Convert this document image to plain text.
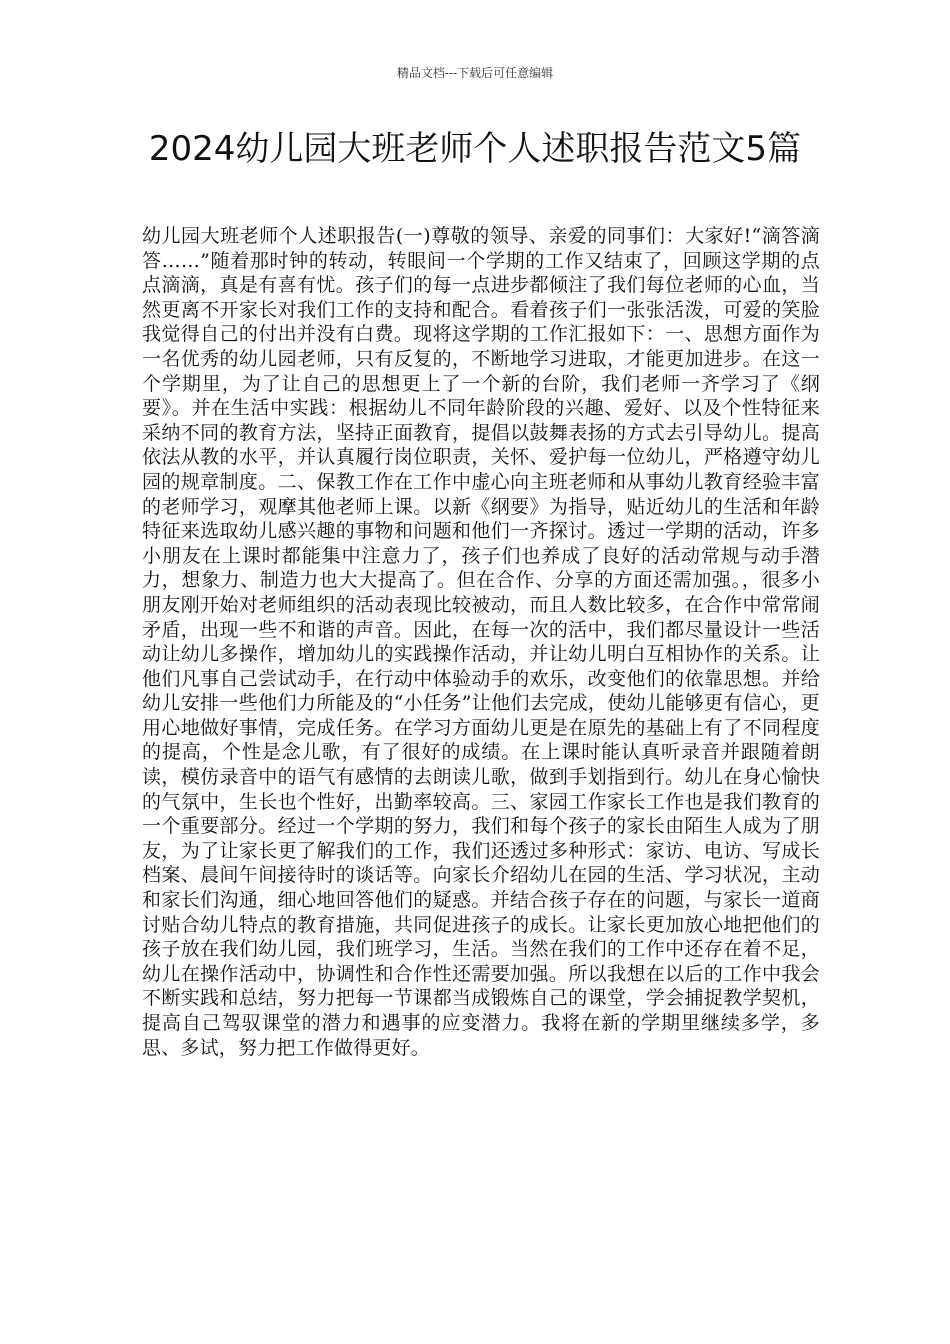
精品文档---下载后可任意编辑
2024幼儿园大班老师个人述职报告范文5篇

幼儿园大班老师个人述职报告(一)尊敬的领导、亲爱的同事们：大家好!“滴答滴答……”随着那时钟的转动，转眼间一个学期的工作又结束了，回顾这学期的点点滴滴，真是有喜有忧。孩子们的每一点进步都倾注了我们每位老师的心血，当然更离不开家长对我们工作的支持和配合。看着孩子们一张张活泼，可爱的笑脸我觉得自己的付出并没有白费。现将这学期的工作汇报如下：一、思想方面作为一名优秀的幼儿园老师，只有反复的，不断地学习进取，才能更加进步。在这一个学期里，为了让自己的思想更上了一个新的台阶，我们老师一齐学习了《纲要》。并在生活中实践：根据幼儿不同年龄阶段的兴趣、爱好、以及个性特征来采纳不同的教育方法，坚持正面教育，提倡以鼓舞表扬的方式去引导幼儿。提高依法从教的水平，并认真履行岗位职责，关怀、爱护每一位幼儿，严格遵守幼儿园的规章制度。二、保教工作在工作中虚心向主班老师和从事幼儿教育经验丰富的老师学习，观摩其他老师上课。以新《纲要》为指导，贴近幼儿的生活和年龄特征来选取幼儿感兴趣的事物和问题和他们一齐探讨。透过一学期的活动，许多小朋友在上课时都能集中注意力了，孩子们也养成了良好的活动常规与动手潜力，想象力、制造力也大大提高了。但在合作、分享的方面还需加强。，很多小朋友刚开始对老师组织的活动表现比较被动，而且人数比较多，在合作中常常闹矛盾，出现一些不和谐的声音。因此，在每一次的活中，我们都尽量设计一些活动让幼儿多操作，增加幼儿的实践操作活动，并让幼儿明白互相协作的关系。让他们凡事自己尝试动手，在行动中体验动手的欢乐，改变他们的依靠思想。并给幼儿安排一些他们力所能及的“小任务”让他们去完成，使幼儿能够更有信心，更用心地做好事情，完成任务。在学习方面幼儿更是在原先的基础上有了不同程度的提高，个性是念儿歌，有了很好的成绩。在上课时能认真听录音并跟随着朗读，模仿录音中的语气有感情的去朗读儿歌，做到手划指到行。幼儿在身心愉快的气氛中，生长也个性好，出勤率较高。三、家园工作家长工作也是我们教育的一个重要部分。经过一个学期的努力，我们和每个孩子的家长由陌生人成为了朋友，为了让家长更了解我们的工作，我们还透过多种形式：家访、电访、写成长档案、晨间午间接待时的谈话等。向家长介绍幼儿在园的生活、学习状况，主动和家长们沟通，细心地回答他们的疑惑。并结合孩子存在的问题，与家长一道商讨贴合幼儿特点的教育措施，共同促进孩子的成长。让家长更加放心地把他们的孩子放在我们幼儿园，我们班学习，生活。当然在我们的工作中还存在着不足，幼儿在操作活动中，协调性和合作性还需要加强。所以我想在以后的工作中我会不断实践和总结，努力把每一节课都当成锻炼自己的课堂，学会捕捉教学契机，提高自己驾驭课堂的潜力和遇事的应变潜力。我将在新的学期里继续多学，多思、多试，努力把工作做得更好。
